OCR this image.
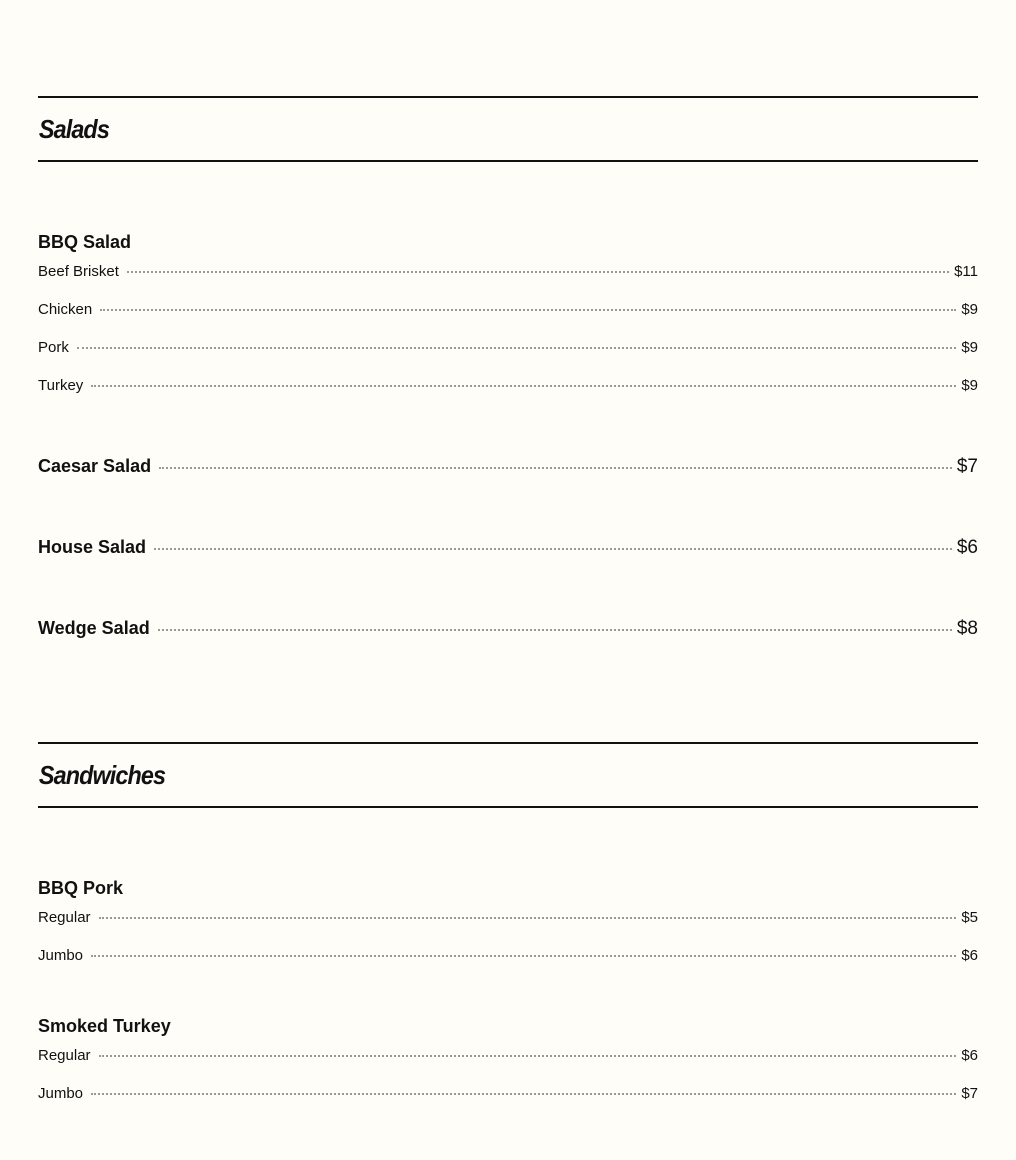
Salads
BBQ Salad
Beef Brisket	$11
Chicken	$9
Pork	$9
Turkey	$9
Caesar Salad	$7
House Salad	$6
Wedge Salad	$8
Sandwiches
BBQ Pork
Regular	$5
Jumbo	$6
Smoked Turkey
Regular	$6
Jumbo	$7
